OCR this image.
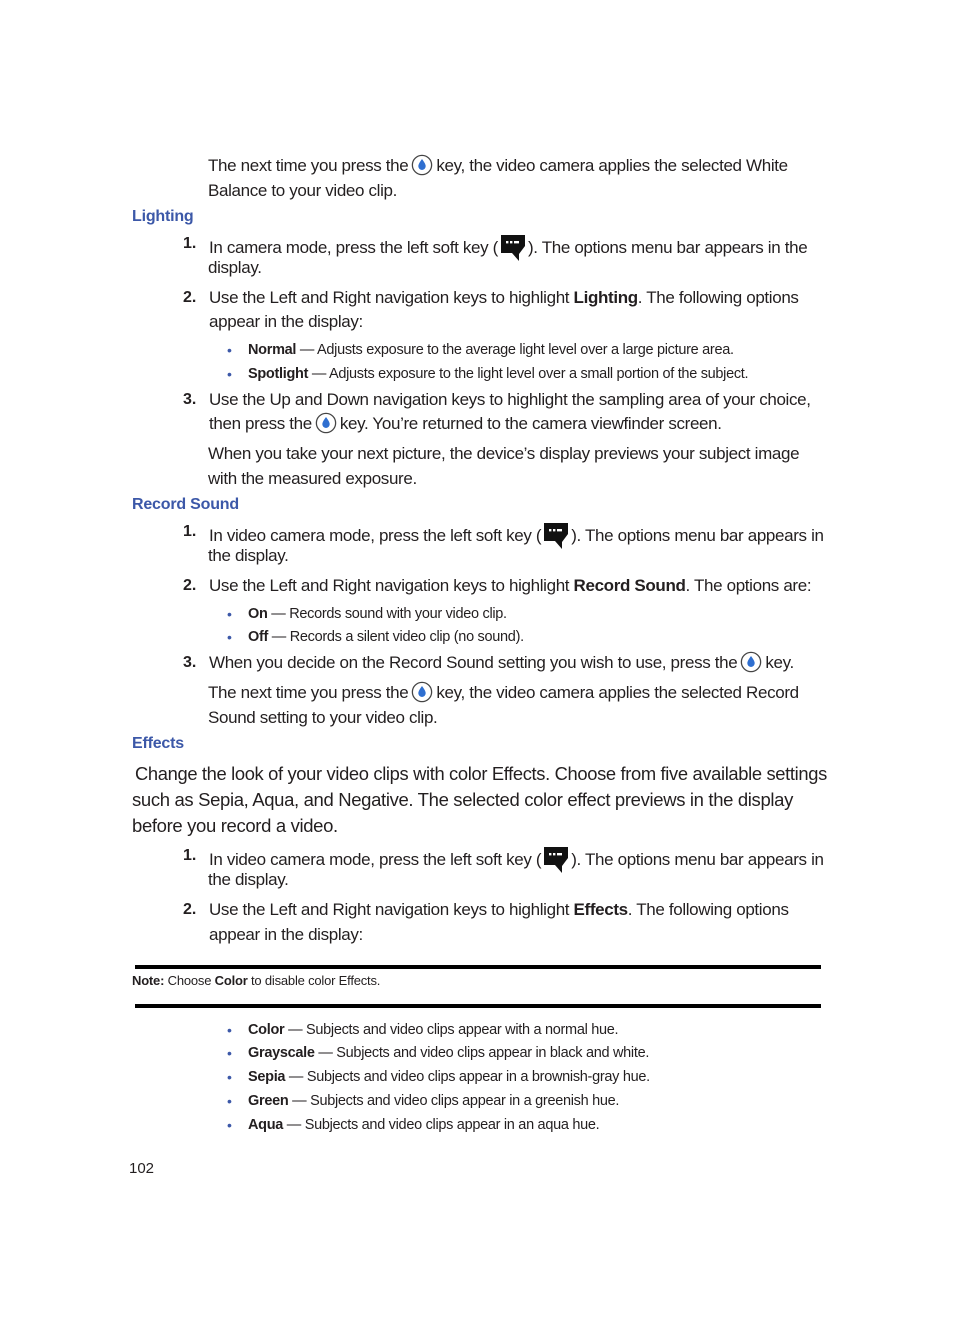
The next time you press the key, the video camera applies the selected White
Balance to your video clip.
Lighting
1. In camera mode, press the left soft key ( ). The options menu bar appears in the
display.
2. Use the Left and Right navigation keys to highlight Lighting. The following options
appear in the display:
• Normal — Adjusts exposure to the average light level over a large picture area.
• Spotlight — Adjusts exposure to the light level over a small portion of the subject.
3. Use the Up and Down navigation keys to highlight the sampling area of your choice,
then press the key. You’re returned to the camera viewfinder screen.
When you take your next picture, the device’s display previews your subject image
with the measured exposure.
Record Sound
1. In video camera mode, press the left soft key ( ). The options menu bar appears in
the display.
2. Use the Left and Right navigation keys to highlight Record Sound. The options are:
• On — Records sound with your video clip.
• Off — Records a silent video clip (no sound).
3. When you decide on the Record Sound setting you wish to use, press the key.
The next time you press the key, the video camera applies the selected Record
Sound setting to your video clip.
Effects
Change the look of your video clips with color Effects. Choose from five available settings
such as Sepia, Aqua, and Negative. The selected color effect previews in the display
before you record a video.
1. In video camera mode, press the left soft key ( ). The options menu bar appears in
the display.
2. Use the Left and Right navigation keys to highlight Effects. The following options
appear in the display:
Note: Choose Color to disable color Effects.
• Color — Subjects and video clips appear with a normal hue.
• Grayscale — Subjects and video clips appear in black and white.
• Sepia — Subjects and video clips appear in a brownish-gray hue.
• Green — Subjects and video clips appear in a greenish hue.
• Aqua — Subjects and video clips appear in an aqua hue.
102
